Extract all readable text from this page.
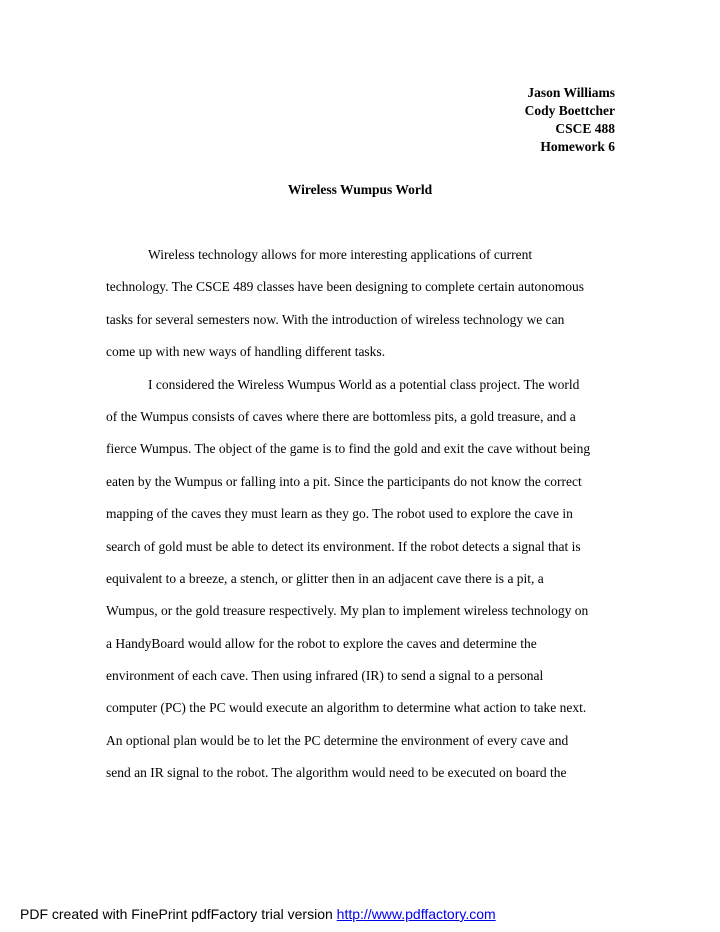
Jason Williams
Cody Boettcher
CSCE 488
Homework 6
Wireless Wumpus World
Wireless technology allows for more interesting applications of current
technology. The CSCE 489 classes have been designing to complete certain autonomous
tasks for several semesters now. With the introduction of wireless technology we can
come up with new ways of handling different tasks.
I considered the Wireless Wumpus World as a potential class project. The world
of the Wumpus consists of caves where there are bottomless pits, a gold treasure, and a
fierce Wumpus. The object of the game is to find the gold and exit the cave without being
eaten by the Wumpus or falling into a pit. Since the participants do not know the correct
mapping of the caves they must learn as they go. The robot used to explore the cave in
search of gold must be able to detect its environment. If the robot detects a signal that is
equivalent to a breeze, a stench, or glitter then in an adjacent cave there is a pit, a
Wumpus, or the gold treasure respectively. My plan to implement wireless technology on
a HandyBoard would allow for the robot to explore the caves and determine the
environment of each cave. Then using infrared (IR) to send a signal to a personal
computer (PC) the PC would execute an algorithm to determine what action to take next.
An optional plan would be to let the PC determine the environment of every cave and
send an IR signal to the robot. The algorithm would need to be executed on board the
PDF created with FinePrint pdfFactory trial version http://www.pdffactory.com
